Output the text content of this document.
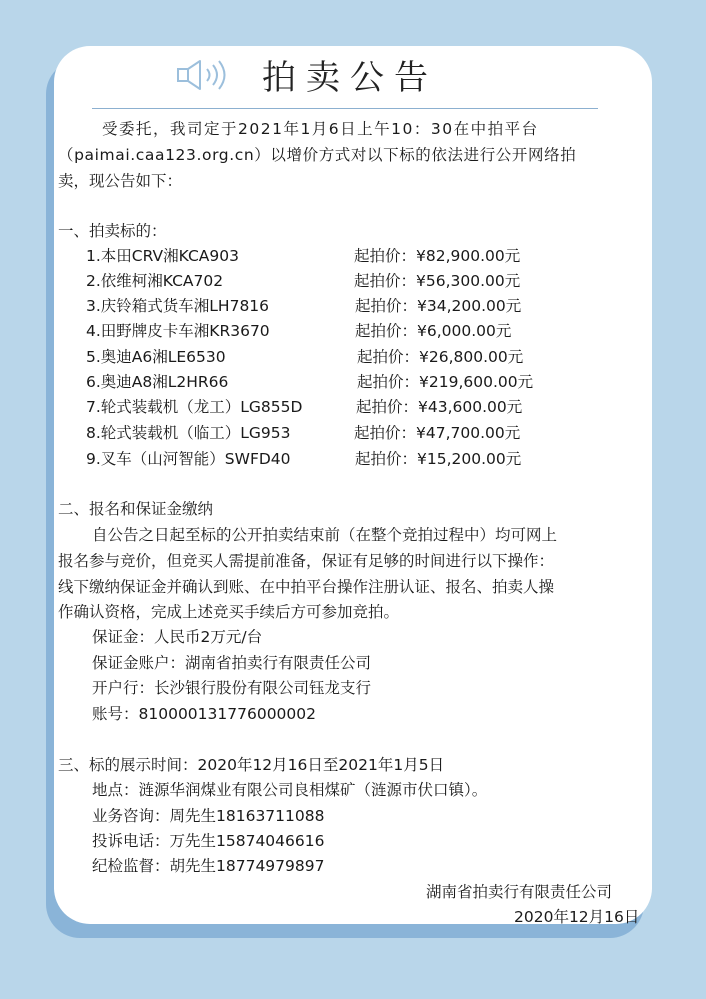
拍卖公告
受委托，我司定于2021年1月6日上午10：30在中拍平台
（paimai.caa123.org.cn）以增价方式对以下标的依法进行公开网络拍
卖，现公告如下：
一、拍卖标的：
1.本田CRV湘KCA903	起拍价：¥82,900.00元
2.依维柯湘KCA702	起拍价：¥56,300.00元
3.庆铃箱式货车湘LH7816	起拍价：¥34,200.00元
4.田野牌皮卡车湘KR3670	起拍价：¥6,000.00元
5.奥迪A6湘LE6530	起拍价：¥26,800.00元
6.奥迪A8湘L2HR66	起拍价：¥219,600.00元
7.轮式装载机（龙工）LG855D	起拍价：¥43,600.00元
8.轮式装载机（临工）LG953	起拍价：¥47,700.00元
9.叉车（山河智能）SWFD40	起拍价：¥15,200.00元
二、报名和保证金缴纳
自公告之日起至标的公开拍卖结束前（在整个竞拍过程中）均可网上
报名参与竞价，但竞买人需提前准备，保证有足够的时间进行以下操作：
线下缴纳保证金并确认到账、在中拍平台操作注册认证、报名、拍卖人操
作确认资格，完成上述竞买手续后方可参加竞拍。
保证金：人民币2万元/台
保证金账户：湖南省拍卖行有限责任公司
开户行：长沙银行股份有限公司钰龙支行
账号：810000131776000002
三、标的展示时间：2020年12月16日至2021年1月5日
地点：涟源华润煤业有限公司良相煤矿（涟源市伏口镇）。
业务咨询：周先生18163711088
投诉电话：万先生15874046616
纪检监督：胡先生18774979897
湖南省拍卖行有限责任公司
2020年12月16日
